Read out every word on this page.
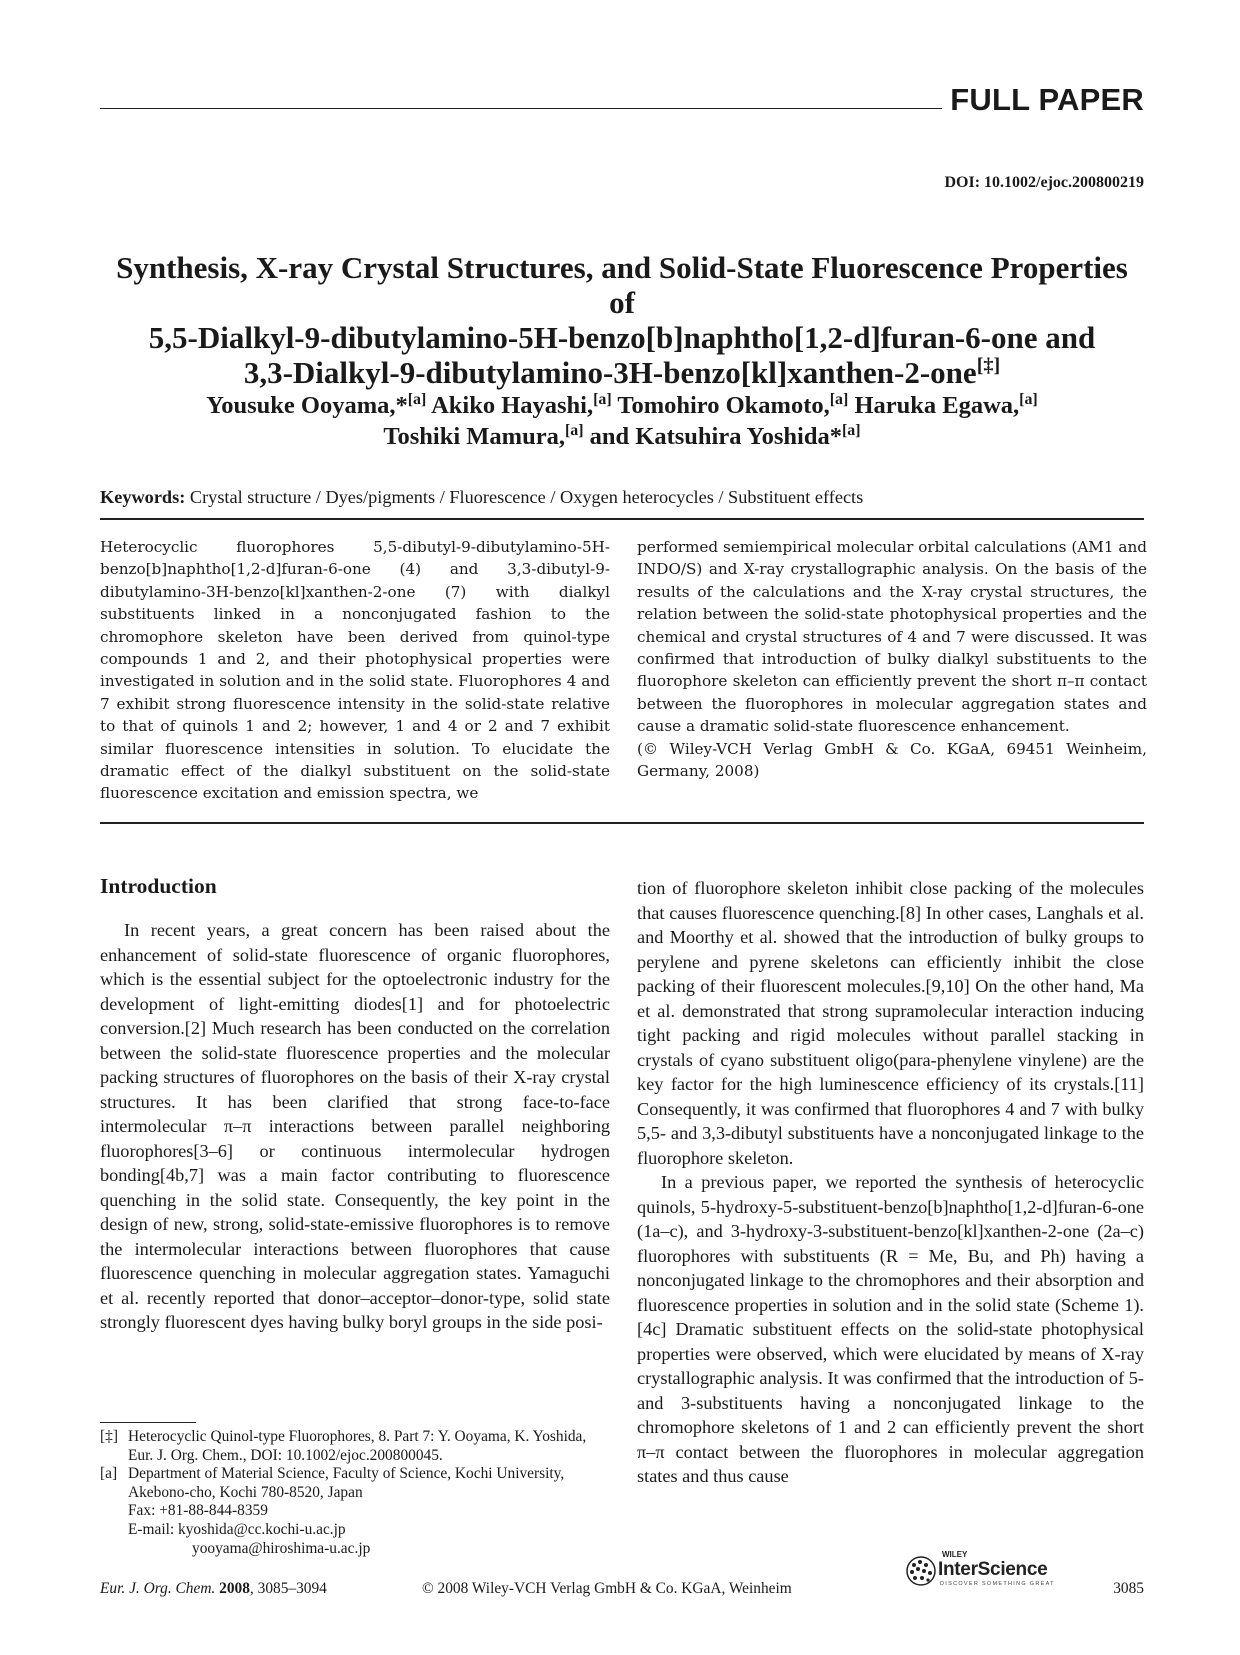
FULL PAPER
DOI: 10.1002/ejoc.200800219
Synthesis, X-ray Crystal Structures, and Solid-State Fluorescence Properties of
5,5-Dialkyl-9-dibutylamino-5H-benzo[b]naphtho[1,2-d]furan-6-one and
3,3-Dialkyl-9-dibutylamino-3H-benzo[kl]xanthen-2-one[‡]
Yousuke Ooyama,*[a] Akiko Hayashi,[a] Tomohiro Okamoto,[a] Haruka Egawa,[a]
Toshiki Mamura,[a] and Katsuhira Yoshida*[a]
Keywords: Crystal structure / Dyes/pigments / Fluorescence / Oxygen heterocycles / Substituent effects

Heterocyclic fluorophores 5,5-dibutyl-9-dibutylamino-5H-benzo[b]naphtho[1,2-d]furan-6-one (4) and 3,3-dibutyl-9-dibutylamino-3H-benzo[kl]xanthen-2-one (7) with dialkyl substituents linked in a nonconjugated fashion to the chromophore skeleton have been derived from quinol-type compounds 1 and 2, and their photophysical properties were investigated in solution and in the solid state. Fluorophores 4 and 7 exhibit strong fluorescence intensity in the solid-state relative to that of quinols 1 and 2; however, 1 and 4 or 2 and 7 exhibit similar fluorescence intensities in solution. To elucidate the dramatic effect of the dialkyl substituent on the solid-state fluorescence excitation and emission spectra, we

performed semiempirical molecular orbital calculations (AM1 and INDO/S) and X-ray crystallographic analysis. On the basis of the results of the calculations and the X-ray crystal structures, the relation between the solid-state photophysical properties and the chemical and crystal structures of 4 and 7 were discussed. It was confirmed that introduction of bulky dialkyl substituents to the fluorophore skeleton can efficiently prevent the short π–π contact between the fluorophores in molecular aggregation states and cause a dramatic solid-state fluorescence enhancement.

(© Wiley-VCH Verlag GmbH & Co. KGaA, 69451 Weinheim, Germany, 2008)

Introduction

In recent years, a great concern has been raised about the enhancement of solid-state fluorescence of organic fluorophores, which is the essential subject for the optoelectronic industry for the development of light-emitting diodes[1] and for photoelectric conversion.[2] Much research has been conducted on the correlation between the solid-state fluorescence properties and the molecular packing structures of fluorophores on the basis of their X-ray crystal structures. It has been clarified that strong face-to-face intermolecular π–π interactions between parallel neighboring fluorophores[3–6] or continuous intermolecular hydrogen bonding[4b,7] was a main factor contributing to fluorescence quenching in the solid state. Consequently, the key point in the design of new, strong, solid-state-emissive fluorophores is to remove the intermolecular interactions between fluorophores that cause fluorescence quenching in molecular aggregation states. Yamaguchi et al. recently reported that donor–acceptor–donor-type, solid state strongly fluorescent dyes having bulky boryl groups in the side posi-

tion of fluorophore skeleton inhibit close packing of the molecules that causes fluorescence quenching.[8] In other cases, Langhals et al. and Moorthy et al. showed that the introduction of bulky groups to perylene and pyrene skeletons can efficiently inhibit the close packing of their fluorescent molecules.[9,10] On the other hand, Ma et al. demonstrated that strong supramolecular interaction inducing tight packing and rigid molecules without parallel stacking in crystals of cyano substituent oligo(para-phenylene vinylene) are the key factor for the high luminescence efficiency of its crystals.[11] Consequently, it was confirmed that fluorophores 4 and 7 with bulky 5,5- and 3,3-dibutyl substituents have a nonconjugated linkage to the fluorophore skeleton.

In a previous paper, we reported the synthesis of heterocyclic quinols, 5-hydroxy-5-substituent-benzo[b]naphtho[1,2-d]furan-6-one (1a–c), and 3-hydroxy-3-substituent-benzo[kl]xanthen-2-one (2a–c) fluorophores with substituents (R = Me, Bu, and Ph) having a nonconjugated linkage to the chromophores and their absorption and fluorescence properties in solution and in the solid state (Scheme 1).[4c] Dramatic substituent effects on the solid-state photophysical properties were observed, which were elucidated by means of X-ray crystallographic analysis. It was confirmed that the introduction of 5- and 3-substituents having a nonconjugated linkage to the chromophore skeletons of 1 and 2 can efficiently prevent the short π–π contact between the fluorophores in molecular aggregation states and thus cause

[‡] Heterocyclic Quinol-type Fluorophores, 8. Part 7: Y. Ooyama, K. Yoshida, Eur. J. Org. Chem., DOI: 10.1002/ejoc.200800045.
[a] Department of Material Science, Faculty of Science, Kochi University,
Akebono-cho, Kochi 780-8520, Japan
Fax: +81-88-844-8359
E-mail: kyoshida@cc.kochi-u.ac.jp
yooyama@hiroshima-u.ac.jp
Eur. J. Org. Chem. 2008, 3085–3094	© 2008 Wiley-VCH Verlag GmbH & Co. KGaA, Weinheim	3085
WILEY
InterScience
DISCOVER SOMETHING GREAT
